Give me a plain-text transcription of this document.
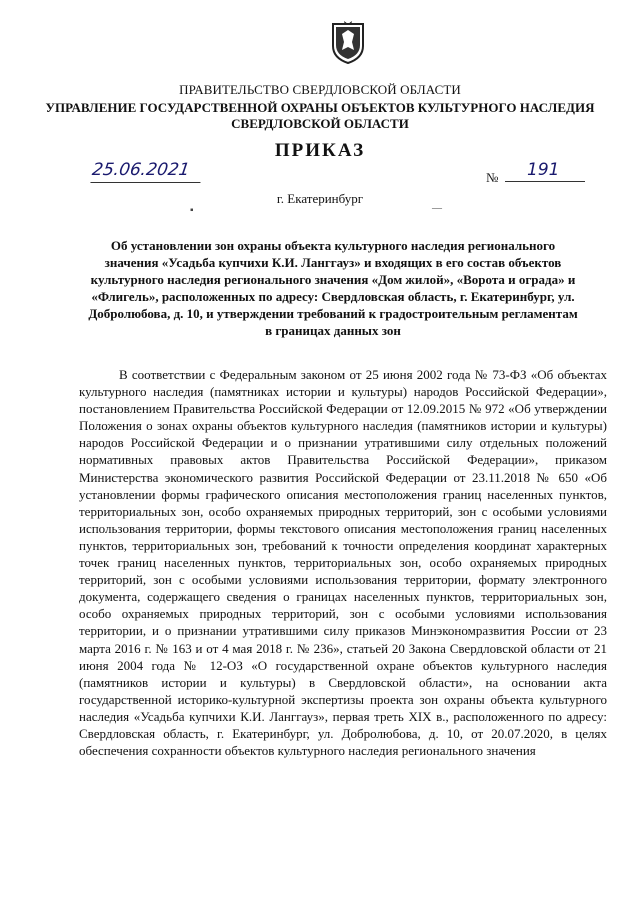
ПРАВИТЕЛЬСТВО СВЕРДЛОВСКОЙ ОБЛАСТИ
УПРАВЛЕНИЕ ГОСУДАРСТВЕННОЙ ОХРАНЫ ОБЪЕКТОВ КУЛЬТУРНОГО НАСЛЕДИЯ
СВЕРДЛОВСКОЙ ОБЛАСТИ
ПРИКАЗ
25.06.2021	№	191
г. Екатеринбург
▪	—
Об установлении зон охраны объекта культурного наследия регионального значения «Усадьба купчихи К.И. Ланггауз» и входящих в его состав объектов культурного наследия регионального значения «Дом жилой», «Ворота и ограда» и «Флигель», расположенных по адресу: Свердловская область, г. Екатеринбург, ул. Добролюбова, д. 10, и утверждении требований к градостроительным регламентам в границах данных зон

В соответствии с Федеральным законом от 25 июня 2002 года № 73-ФЗ «Об объектах культурного наследия (памятниках истории и культуры) народов Российской Федерации», постановлением Правительства Российской Федерации от 12.09.2015 № 972 «Об утверждении Положения о зонах охраны объектов культурного наследия (памятников истории и культуры) народов Российской Федерации и о признании утратившими силу отдельных положений нормативных правовых актов Правительства Российской Федерации», приказом Министерства экономического развития Российской Федерации от 23.11.2018 № 650 «Об установлении формы графического описания местоположения границ населенных пунктов, территориальных зон, особо охраняемых природных территорий, зон с особыми условиями использования территории, формы текстового описания местоположения границ населенных пунктов, территориальных зон, требований к точности определения координат характерных точек границ населенных пунктов, территориальных зон, особо охраняемых природных территорий, зон с особыми условиями использования территории, формату электронного документа, содержащего сведения о границах населенных пунктов, территориальных зон, особо охраняемых природных территорий, зон с особыми условиями использования территории, и о признании утратившими силу приказов Минэкономразвития России от 23 марта 2016 г. № 163 и от 4 мая 2018 г. № 236», статьей 20 Закона Свердловской области от 21 июня 2004 года № 12-ОЗ «О государственной охране объектов культурного наследия (памятников истории и культуры) в Свердловской области», на основании акта государственной историко-культурной экспертизы проекта зон охраны объекта культурного наследия «Усадьба купчихи К.И. Ланггауз», первая треть XIX в., расположенного по адресу: Свердловская область, г. Екатеринбург, ул. Добролюбова, д. 10, от 20.07.2020, в целях обеспечения сохранности объектов культурного наследия регионального значения
